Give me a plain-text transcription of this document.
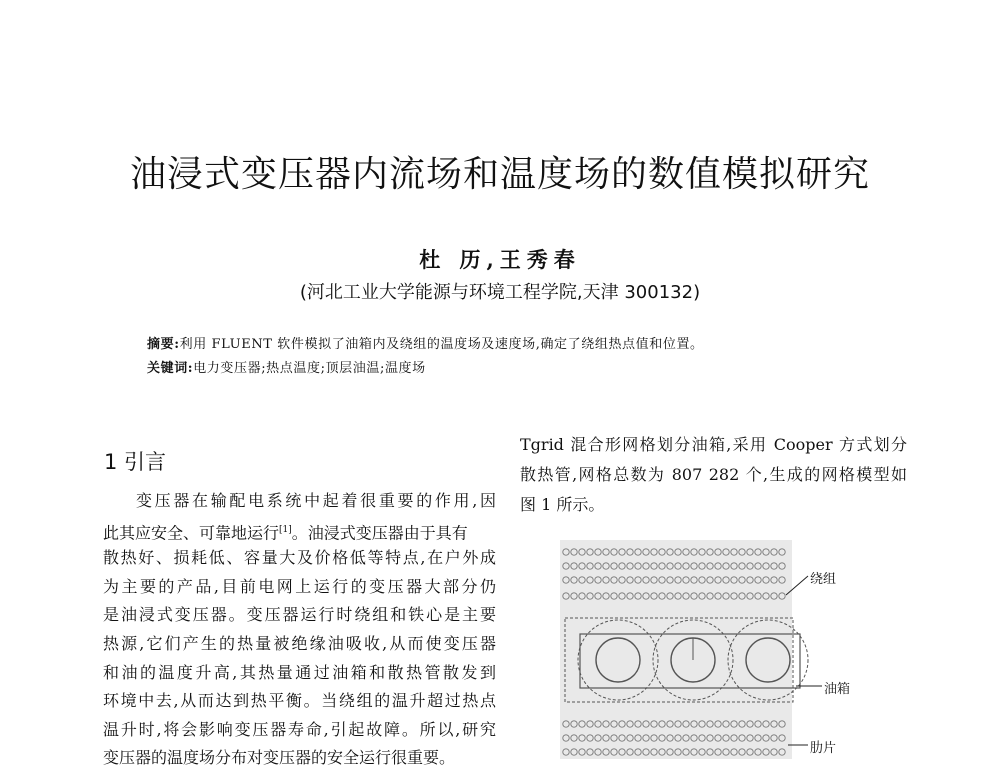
油浸式变压器内流场和温度场的数值模拟研究
杜 历,王秀春
(河北工业大学能源与环境工程学院,天津 300132)
摘要:利用 FLUENT 软件模拟了油箱内及绕组的温度场及速度场,确定了绕组热点值和位置。
关键词:电力变压器;热点温度;顶层油温;温度场
1 引言
变压器在输配电系统中起着很重要的作用,因
此其应安全、可靠地运行[1]。油浸式变压器由于具有
散热好、损耗低、容量大及价格低等特点,在户外成
为主要的产品,目前电网上运行的变压器大部分仍
是油浸式变压器。变压器运行时绕组和铁心是主要
热源,它们产生的热量被绝缘油吸收,从而使变压器
和油的温度升高,其热量通过油箱和散热管散发到
环境中去,从而达到热平衡。当绕组的温升超过热点
温升时,将会影响变压器寿命,引起故障。所以,研究
变压器的温度场分布对变压器的安全运行很重要。
Tgrid 混合形网格划分油箱,采用 Cooper 方式划分
散热管,网格总数为 807 282 个,生成的网格模型如
图 1 所示。
绕组
油箱
肋片
